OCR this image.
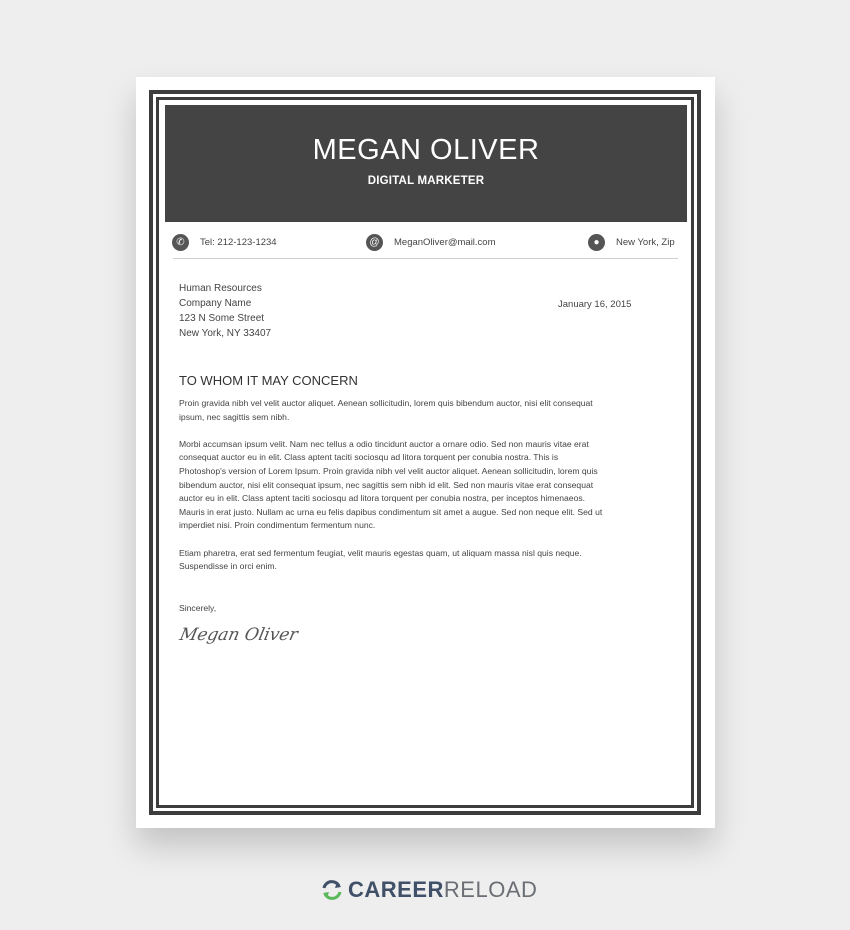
MEGAN OLIVER
DIGITAL MARKETER
✆	Tel: 212-123-1234	@	MeganOliver@mail.com	●	New York, Zip
Human Resources
Company Name
123 N Some Street
New York, NY 33407
January 16, 2015
TO WHOM IT MAY CONCERN

Proin gravida nibh vel velit auctor aliquet. Aenean sollicitudin, lorem quis bibendum auctor, nisi elit consequat
ipsum, nec sagittis sem nibh.

Morbi accumsan ipsum velit. Nam nec tellus a odio tincidunt auctor a ornare odio. Sed non mauris vitae erat
consequat auctor eu in elit. Class aptent taciti sociosqu ad litora torquent per conubia nostra. This is
Photoshop's version of Lorem Ipsum. Proin gravida nibh vel velit auctor aliquet. Aenean sollicitudin, lorem quis
bibendum auctor, nisi elit consequat ipsum, nec sagittis sem nibh id elit. Sed non mauris vitae erat consequat
auctor eu in elit. Class aptent taciti sociosqu ad litora torquent per conubia nostra, per inceptos himenaeos.
Mauris in erat justo. Nullam ac urna eu felis dapibus condimentum sit amet a augue. Sed non neque elit. Sed ut
imperdiet nisi. Proin condimentum fermentum nunc.

Etiam pharetra, erat sed fermentum feugiat, velit mauris egestas quam, ut aliquam massa nisl quis neque.
Suspendisse in orci enim.

Sincerely,
Megan Oliver
CAREER RELOAD
